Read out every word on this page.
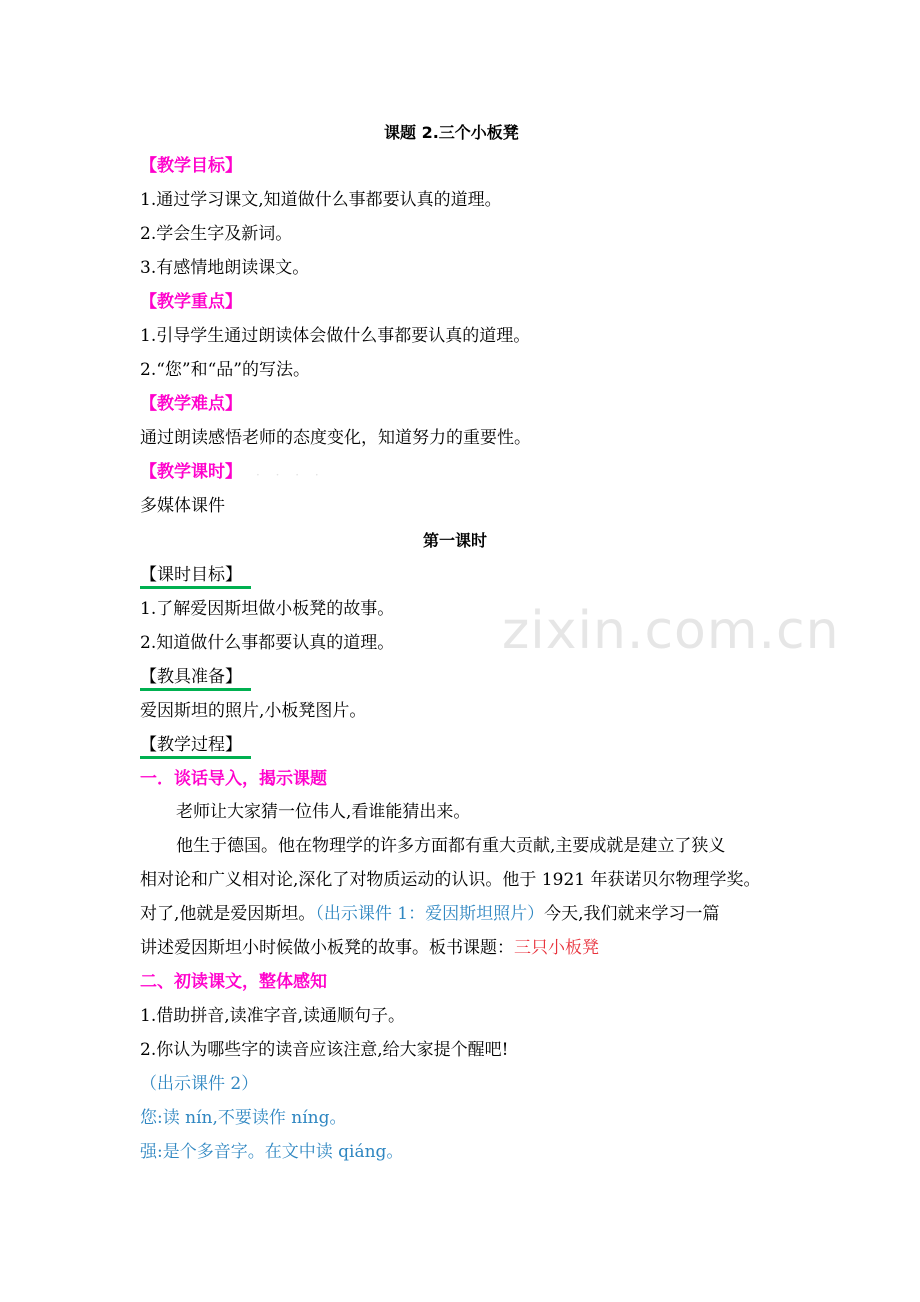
课题 2.三个小板凳
【教学目标】
1.通过学习课文,知道做什么事都要认真的道理。
2.学会生字及新词。
3.有感情地朗读课文。
【教学重点】
1.引导学生通过朗读体会做什么事都要认真的道理。
2.“您”和“品”的写法。
【教学难点】
通过朗读感悟老师的态度变化，知道努力的重要性。
【教学课时】 · · · ·
多媒体课件
第一课时
【课时目标】
1.了解爱因斯坦做小板凳的故事。
2.知道做什么事都要认真的道理。 zixin.com.cn
【教具准备】
爱因斯坦的照片,小板凳图片。
【教学过程】
一．谈话导入，揭示课题
老师让大家猜一位伟人,看谁能猜出来。
他生于德国。他在物理学的许多方面都有重大贡献,主要成就是建立了狭义
相对论和广义相对论,深化了对物质运动的认识。他于 1921 年获诺贝尔物理学奖。
对了,他就是爱因斯坦。（出示课件 1：爱因斯坦照片）今天,我们就来学习一篇
讲述爱因斯坦小时候做小板凳的故事。板书课题：三只小板凳
二、初读课文，整体感知
1.借助拼音,读准字音,读通顺句子。
2.你认为哪些字的读音应该注意,给大家提个醒吧!
（出示课件 2）
您:读 nín,不要读作 níng。
强:是个多音字。在文中读 qiáng。
